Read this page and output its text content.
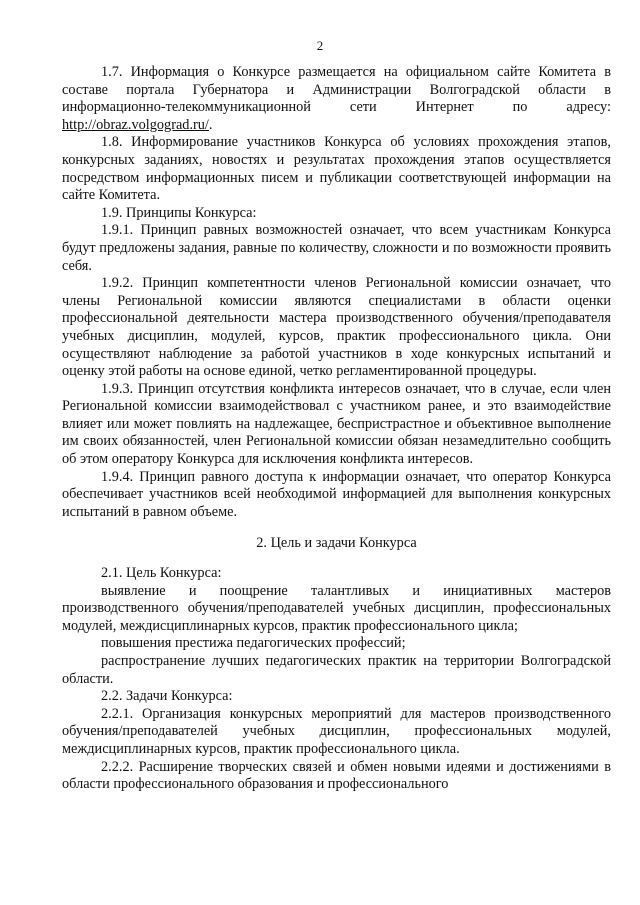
2

1.7. Информация о Конкурсе размещается на официальном сайте Комитета в составе портала Губернатора и Администрации Волгоградской области в информационно-телекоммуникационной сети Интернет по адресу: http://obraz.volgograd.ru/.

1.8. Информирование участников Конкурса об условиях прохождения этапов, конкурсных заданиях, новостях и результатах прохождения этапов осуществляется посредством информационных писем и публикации соответствующей информации на сайте Комитета.

1.9. Принципы Конкурса:

1.9.1. Принцип равных возможностей означает, что всем участникам Конкурса будут предложены задания, равные по количеству, сложности и по возможности проявить себя.

1.9.2. Принцип компетентности членов Региональной комиссии означает, что члены Региональной комиссии являются специалистами в области оценки профессиональной деятельности мастера производственного обучения/преподавателя учебных дисциплин, модулей, курсов, практик профессионального цикла. Они осуществляют наблюдение за работой участников в ходе конкурсных испытаний и оценку этой работы на основе единой, четко регламентированной процедуры.

1.9.3. Принцип отсутствия конфликта интересов означает, что в случае, если член Региональной комиссии взаимодействовал с участником ранее, и это взаимодействие влияет или может повлиять на надлежащее, беспристрастное и объективное выполнение им своих обязанностей, член Региональной комиссии обязан незамедлительно сообщить об этом оператору Конкурса для исключения конфликта интересов.

1.9.4. Принцип равного доступа к информации означает, что оператор Конкурса обеспечивает участников всей необходимой информацией для выполнения конкурсных испытаний в равном объеме.

2. Цель и задачи Конкурса

2.1. Цель Конкурса:

выявление и поощрение талантливых и инициативных мастеров производственного обучения/преподавателей учебных дисциплин, профессиональных модулей, междисциплинарных курсов, практик профессионального цикла;

повышения престижа педагогических профессий;

распространение лучших педагогических практик на территории Волгоградской области.

2.2. Задачи Конкурса:

2.2.1. Организация конкурсных мероприятий для мастеров производственного обучения/преподавателей учебных дисциплин, профессиональных модулей, междисциплинарных курсов, практик профессионального цикла.

2.2.2. Расширение творческих связей и обмен новыми идеями и достижениями в области профессионального образования и профессионального
